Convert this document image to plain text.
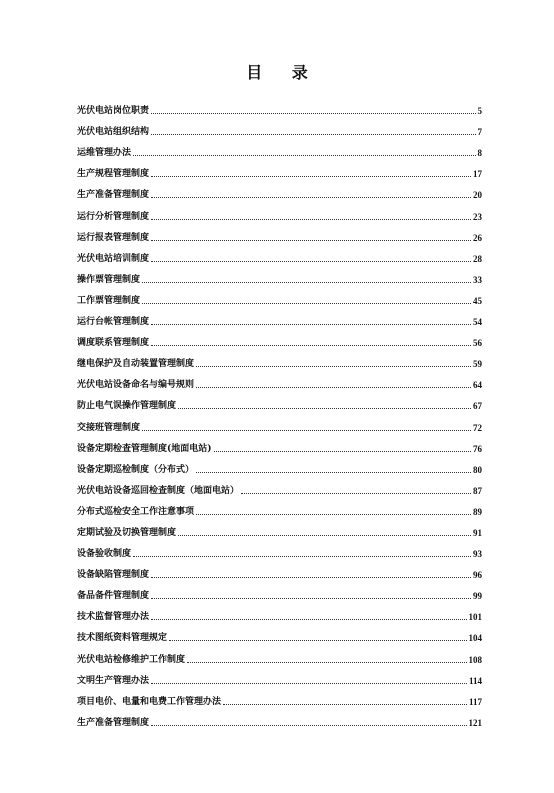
目 录
光伏电站岗位职责	5
光伏电站组织结构	7
运维管理办法	8
生产规程管理制度	17
生产准备管理制度	20
运行分析管理制度	23
运行报表管理制度	26
光伏电站培训制度	28
操作票管理制度	33
工作票管理制度	45
运行台帐管理制度	54
调度联系管理制度	56
继电保护及自动装置管理制度	59
光伏电站设备命名与编号规则	64
防止电气误操作管理制度	67
交接班管理制度	72
设备定期检查管理制度(地面电站)	76
设备定期巡检制度（分布式）	80
光伏电站设备巡回检查制度（地面电站）	87
分布式巡检安全工作注意事项	89
定期试验及切换管理制度	91
设备验收制度	93
设备缺陷管理制度	96
备品备件管理制度	99
技术监督管理办法	101
技术图纸资料管理规定	104
光伏电站检修维护工作制度	108
文明生产管理办法	114
项目电价、电量和电费工作管理办法	117
生产准备管理制度	121
